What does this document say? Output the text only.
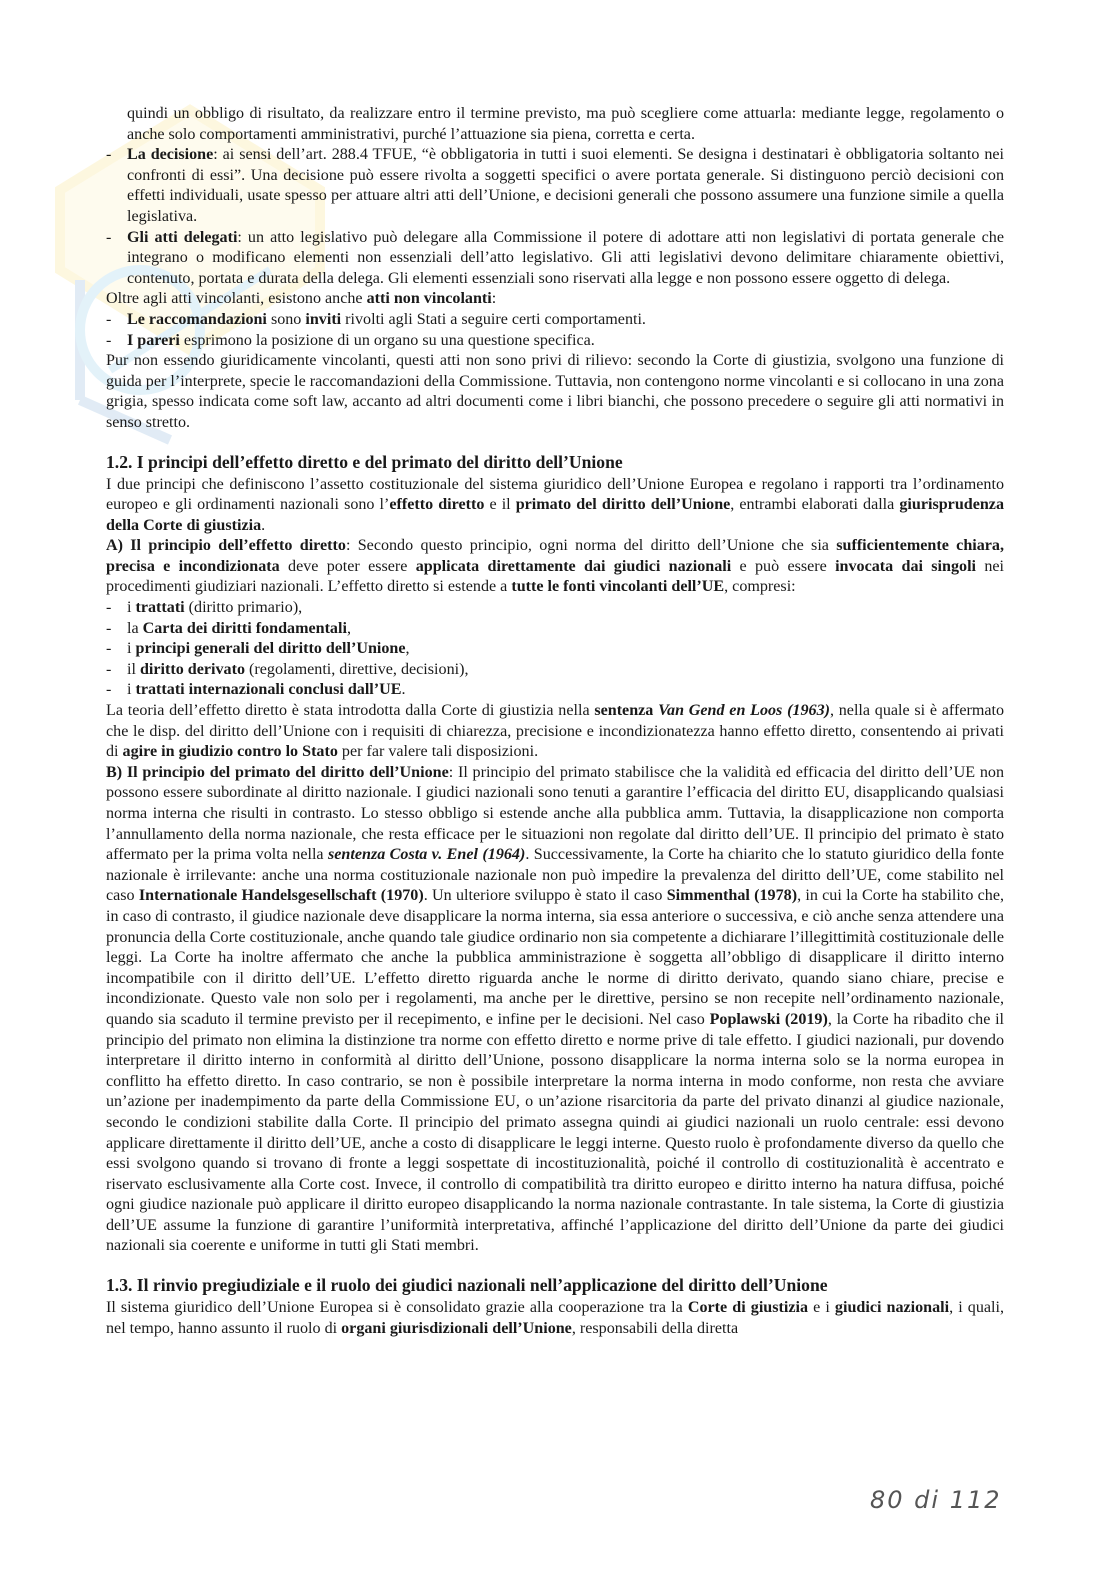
quindi un obbligo di risultato, da realizzare entro il termine previsto, ma può scegliere come attuarla: mediante legge, regolamento o anche solo comportamenti amministrativi, purché l’attuazione sia piena, corretta e certa.

- La decisione: ai sensi dell’art. 288.4 TFUE, “è obbligatoria in tutti i suoi elementi. Se designa i destinatari è obbligatoria soltanto nei confronti di essi”. Una decisione può essere rivolta a soggetti specifici o avere portata generale. Si distinguono perciò decisioni con effetti individuali, usate spesso per attuare altri atti dell’Unione, e decisioni generali che possono assumere una funzione simile a quella legislativa.

- Gli atti delegati: un atto legislativo può delegare alla Commissione il potere di adottare atti non legislativi di portata generale che integrano o modificano elementi non essenziali dell’atto legislativo. Gli atti legislativi devono delimitare chiaramente obiettivi, contenuto, portata e durata della delega. Gli elementi essenziali sono riservati alla legge e non possono essere oggetto di delega.

Oltre agli atti vincolanti, esistono anche atti non vincolanti:

- Le raccomandazioni sono inviti rivolti agli Stati a seguire certi comportamenti.

- I pareri esprimono la posizione di un organo su una questione specifica.

Pur non essendo giuridicamente vincolanti, questi atti non sono privi di rilievo: secondo la Corte di giustizia, svolgono una funzione di guida per l’interprete, specie le raccomandazioni della Commissione. Tuttavia, non contengono norme vincolanti e si collocano in una zona grigia, spesso indicata come soft law, accanto ad altri documenti come i libri bianchi, che possono precedere o seguire gli atti normativi in senso stretto.

1.2. I principi dell’effetto diretto e del primato del diritto dell’Unione

I due principi che definiscono l’assetto costituzionale del sistema giuridico dell’Unione Europea e regolano i rapporti tra l’ordinamento europeo e gli ordinamenti nazionali sono l’effetto diretto e il primato del diritto dell’Unione, entrambi elaborati dalla giurisprudenza della Corte di giustizia.

A) Il principio dell’effetto diretto: Secondo questo principio, ogni norma del diritto dell’Unione che sia sufficientemente chiara, precisa e incondizionata deve poter essere applicata direttamente dai giudici nazionali e può essere invocata dai singoli nei procedimenti giudiziari nazionali. L’effetto diretto si estende a tutte le fonti vincolanti dell’UE, compresi:

- i trattati (diritto primario),

- la Carta dei diritti fondamentali,

- i principi generali del diritto dell’Unione,

- il diritto derivato (regolamenti, direttive, decisioni),

- i trattati internazionali conclusi dall’UE.

La teoria dell’effetto diretto è stata introdotta dalla Corte di giustizia nella sentenza Van Gend en Loos (1963), nella quale si è affermato che le disp. del diritto dell’Unione con i requisiti di chiarezza, precisione e incondizionatezza hanno effetto diretto, consentendo ai privati di agire in giudizio contro lo Stato per far valere tali disposizioni.

B) Il principio del primato del diritto dell’Unione: Il principio del primato stabilisce che la validità ed efficacia del diritto dell’UE non possono essere subordinate al diritto nazionale. I giudici nazionali sono tenuti a garantire l’efficacia del diritto EU, disapplicando qualsiasi norma interna che risulti in contrasto. Lo stesso obbligo si estende anche alla pubblica amm. Tuttavia, la disapplicazione non comporta l’annullamento della norma nazionale, che resta efficace per le situazioni non regolate dal diritto dell’UE. Il principio del primato è stato affermato per la prima volta nella sentenza Costa v. Enel (1964). Successivamente, la Corte ha chiarito che lo statuto giuridico della fonte nazionale è irrilevante: anche una norma costituzionale nazionale non può impedire la prevalenza del diritto dell’UE, come stabilito nel caso Internationale Handelsgesellschaft (1970). Un ulteriore sviluppo è stato il caso Simmenthal (1978), in cui la Corte ha stabilito che, in caso di contrasto, il giudice nazionale deve disapplicare la norma interna, sia essa anteriore o successiva, e ciò anche senza attendere una pronuncia della Corte costituzionale, anche quando tale giudice ordinario non sia competente a dichiarare l’illegittimità costituzionale delle leggi. La Corte ha inoltre affermato che anche la pubblica amministrazione è soggetta all’obbligo di disapplicare il diritto interno incompatibile con il diritto dell’UE. L’effetto diretto riguarda anche le norme di diritto derivato, quando siano chiare, precise e incondizionate. Questo vale non solo per i regolamenti, ma anche per le direttive, persino se non recepite nell’ordinamento nazionale, quando sia scaduto il termine previsto per il recepimento, e infine per le decisioni. Nel caso Poplawski (2019), la Corte ha ribadito che il principio del primato non elimina la distinzione tra norme con effetto diretto e norme prive di tale effetto. I giudici nazionali, pur dovendo interpretare il diritto interno in conformità al diritto dell’Unione, possono disapplicare la norma interna solo se la norma europea in conflitto ha effetto diretto. In caso contrario, se non è possibile interpretare la norma interna in modo conforme, non resta che avviare un’azione per inadempimento da parte della Commissione EU, o un’azione risarcitoria da parte del privato dinanzi al giudice nazionale, secondo le condizioni stabilite dalla Corte. Il principio del primato assegna quindi ai giudici nazionali un ruolo centrale: essi devono applicare direttamente il diritto dell’UE, anche a costo di disapplicare le leggi interne. Questo ruolo è profondamente diverso da quello che essi svolgono quando si trovano di fronte a leggi sospettate di incostituzionalità, poiché il controllo di costituzionalità è accentrato e riservato esclusivamente alla Corte cost. Invece, il controllo di compatibilità tra diritto europeo e diritto interno ha natura diffusa, poiché ogni giudice nazionale può applicare il diritto europeo disapplicando la norma nazionale contrastante. In tale sistema, la Corte di giustizia dell’UE assume la funzione di garantire l’uniformità interpretativa, affinché l’applicazione del diritto dell’Unione da parte dei giudici nazionali sia coerente e uniforme in tutti gli Stati membri.

1.3. Il rinvio pregiudiziale e il ruolo dei giudici nazionali nell’applicazione del diritto dell’Unione

Il sistema giuridico dell’Unione Europea si è consolidato grazie alla cooperazione tra la Corte di giustizia e i giudici nazionali, i quali, nel tempo, hanno assunto il ruolo di organi giurisdizionali dell’Unione, responsabili della diretta

80 di 112
